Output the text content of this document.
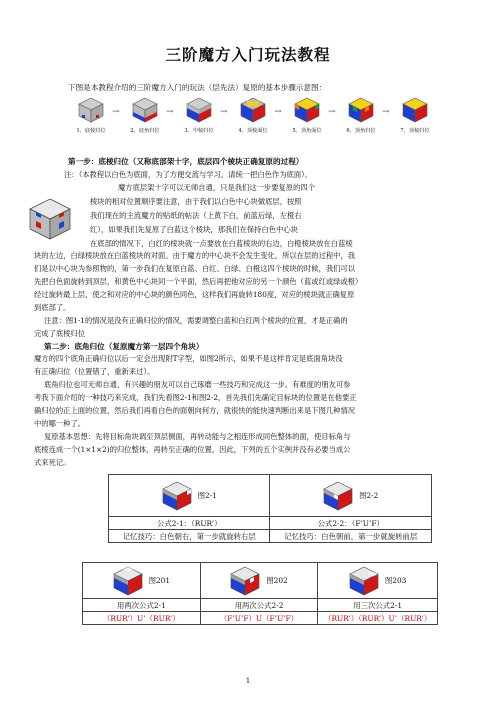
三阶魔方入门玩法教程
下图是本教程介绍的三阶魔方入门的玩法（层先法）复原的基本步骤示意图：
1、底棱归位
→
2、底角归位
→
3、中棱归位
→
4、顶棱面位
→
5、顶角面位
→
6、顶角归位
→
7、顶棱归位
第一步：底棱归位（又称底部架十字，底层四个棱块正确复原的过程）
注：（本教程以白色为底面，为了方便交流与学习，请统一把白色作为底面）。
魔方底层架十字可以无师自通，只是我们这一步要复原的四个
棱块的相对位置顺序要注意，由于我们以白色中心块做底层，按照
我们现在的主流魔方的贴纸的帖法（上黄下白，前蓝后绿，左橙右
红），如果我们先复原了白蓝这个棱块，那我们在保持白色中心块
在底部的情况下，白红的棱块就一点要放在白蓝棱块的右边，白橙棱块放在白蓝棱
块的左边，白绿棱块放在白蓝棱块的对面。由于魔方的中心块不会发生变化，所以在层的过程中，我
们是以中心块为参照物的，第一步我们在复原白蓝、白红、白绿、白橙这四个棱块的时候，我们可以
先把白色面旋转到顶层，和黄色中心块同一个平面，然后再把他对应的另一个颜色（蓝或红或绿或橙）
经过旋转最上层，使之和对应的中心块的颜色同色，这样我们再旋转180度，对应的棱块就正确复原
到底部了。
注意：图1-1的情况是没有正确归位的情况，需要调整白蓝和白红两个棱块的位置，才是正确的
完成了底棱归位
第二步：底角归位（复原魔方第一层四个角块）
魔方的四个底角正确归位以后一定会出现附T字型，如图2所示，如果不是这样肯定是底面角块没
有正确归位（位置错了，重新来过）。
底角归位也可无师自通，有兴趣的朋友可以自己琢磨一些技巧和完成这一步。有难度的朋友可参
考我下面介绍的一种技巧来完成，我们先看图2-1和图2-2，首先我们先确定目标块的位置是在他要正
确归位的正上面的位置，然后我们再看白色的面朝向何方，就很快的能快速判断出来是下图几种情况
中的哪一种了。
复原基本思想：先将目标角块调至顶层侧面，再转动能与之相连形成同色整体的面，使目标角与
底棱连成一个(1×1×2)的归位整体，再转至正确的位置。因此，下列的五个实例并没有必要当成公
式来死记。
图2-1	图2-2
公式2-1：（RUR’）	公式2-2：（F’U’F）
记忆技巧：白色朝右，第一步就旋转右层	记忆技巧：白色朝前，第一步就旋转前层
图201	图202	图203
用两次公式2-1	用两次公式2-2	用三次公式2-1
（RUR’）U’（RUR’）	（F’U’F）U（F’U’F）	（RUR’）（RUR’）U’（RUR’）
1
